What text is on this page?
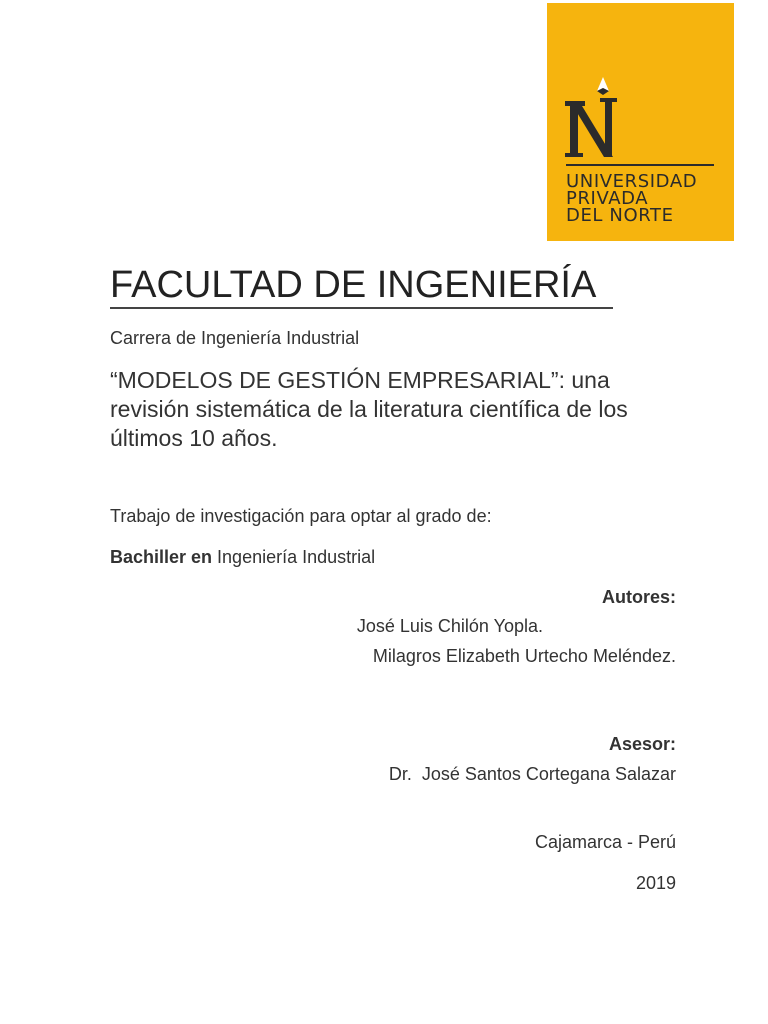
UNIVERSIDAD
PRIVADA
DEL NORTE
FACULTAD DE INGENIERÍA
Carrera de Ingeniería Industrial
“MODELOS DE GESTIÓN EMPRESARIAL”: una revisión sistemática de la literatura científica de los últimos 10 años.
Trabajo de investigación para optar al grado de:
Bachiller en Ingeniería Industrial
Autores:
José Luis Chilón Yopla.
Milagros Elizabeth Urtecho Meléndez.
Asesor:
Dr.  José Santos Cortegana Salazar
Cajamarca - Perú
2019
